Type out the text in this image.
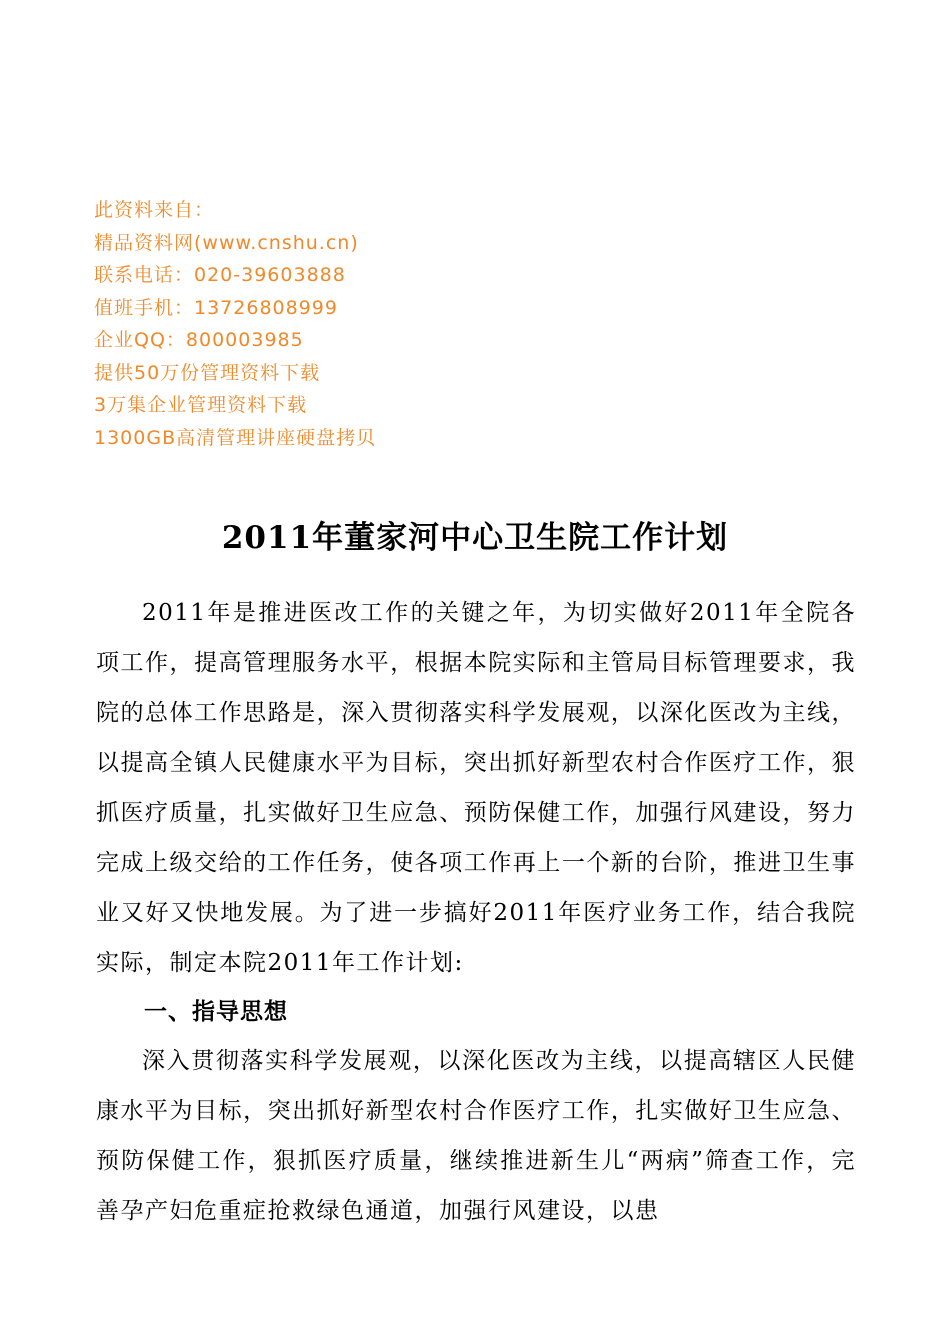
此资料来自：
精品资料网(www.cnshu.cn)
联系电话：020-39603888
值班手机：13726808999
企业QQ：800003985
提供50万份管理资料下载
3万集企业管理资料下载
1300GB高清管理讲座硬盘拷贝
2011年董家河中心卫生院工作计划

2011年是推进医改工作的关键之年，为切实做好2011年全院各项工作，提高管理服务水平，根据本院实际和主管局目标管理要求，我院的总体工作思路是，深入贯彻落实科学发展观，以深化医改为主线，以提高全镇人民健康水平为目标，突出抓好新型农村合作医疗工作，狠抓医疗质量，扎实做好卫生应急、预防保健工作，加强行风建设，努力完成上级交给的工作任务，使各项工作再上一个新的台阶，推进卫生事业又好又快地发展。为了进一步搞好2011年医疗业务工作，结合我院实际，制定本院2011年工作计划:

一、指导思想

深入贯彻落实科学发展观，以深化医改为主线，以提高辖区人民健康水平为目标，突出抓好新型农村合作医疗工作，扎实做好卫生应急、预防保健工作，狠抓医疗质量，继续推进新生儿“两病”筛查工作，完善孕产妇危重症抢救绿色通道，加强行风建设，以患
